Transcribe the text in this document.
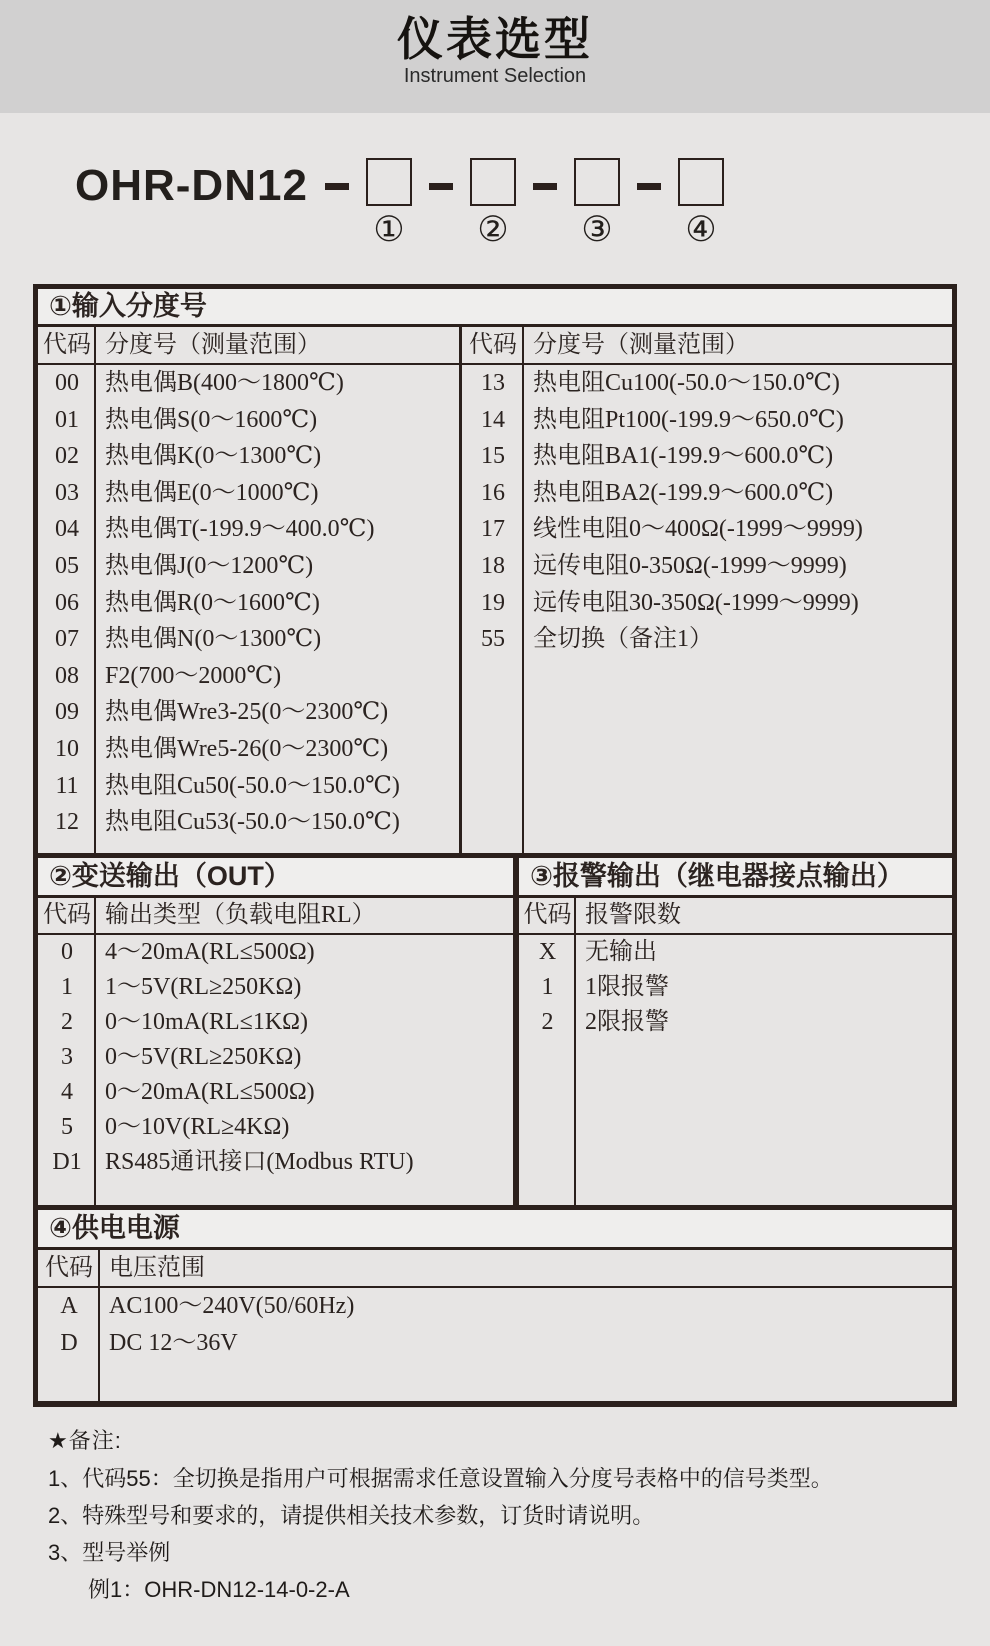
仪表选型
Instrument Selection
OHR-DN12
① ② ③ ④
①输入分度号
代码 分度号（测量范围）
00	热电偶B(400～1800℃)
01	热电偶S(0～1600℃)
02	热电偶K(0～1300℃)
03	热电偶E(0～1000℃)
04	热电偶T(-199.9～400.0℃)
05	热电偶J(0～1200℃)
06	热电偶R(0～1600℃)
07	热电偶N(0～1300℃)
08	F2(700～2000℃)
09	热电偶Wre3-25(0～2300℃)
10	热电偶Wre5-26(0～2300℃)
11	热电阻Cu50(-50.0～150.0℃)
12	热电阻Cu53(-50.0～150.0℃)
代码 分度号（测量范围）
13	热电阻Cu100(-50.0～150.0℃)
14	热电阻Pt100(-199.9～650.0℃)
15	热电阻BA1(-199.9～600.0℃)
16	热电阻BA2(-199.9～600.0℃)
17	线性电阻0～400Ω(-1999～9999)
18	远传电阻0-350Ω(-1999～9999)
19	远传电阻30-350Ω(-1999～9999)
55	全切换（备注1）
②变送输出（OUT）
代码 输出类型（负载电阻RL）
0	4～20mA(RL≤500Ω)
1	1～5V(RL≥250KΩ)
2	0～10mA(RL≤1KΩ)
3	0～5V(RL≥250KΩ)
4	0～20mA(RL≤500Ω)
5	0～10V(RL≥4KΩ)
D1 RS485通讯接口(Modbus RTU)
③报警输出（继电器接点输出）
代码 报警限数
X	无输出
1	1限报警
2	2限报警
④供电电源
代码 电压范围
A	AC100～240V(50/60Hz)
D	DC 12～36V
★备注:
1、代码55：全切换是指用户可根据需求任意设置输入分度号表格中的信号类型。
2、特殊型号和要求的，请提供相关技术参数，订货时请说明。
3、型号举例
例1：OHR-DN12-14-0-2-A
